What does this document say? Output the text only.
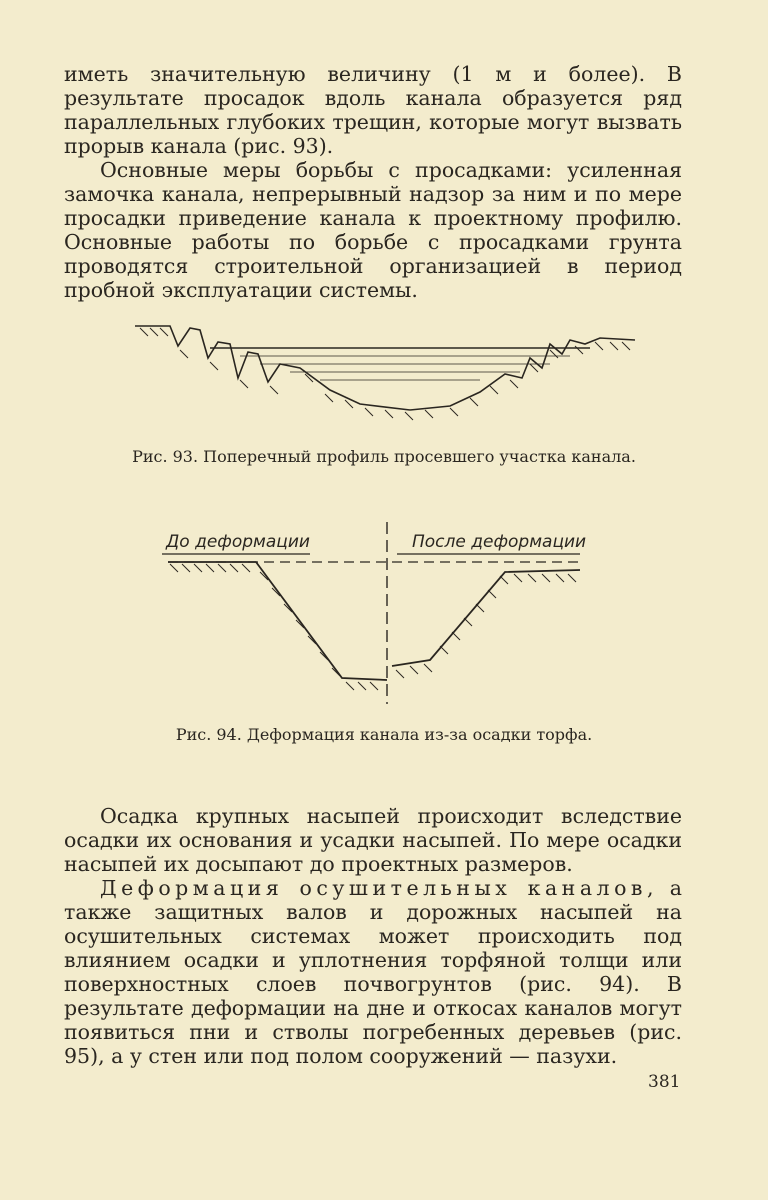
иметь значительную величину (1 м и более). В результате просадок вдоль канала образуется ряд параллельных глубоких трещин, которые могут вызвать прорыв канала (рис. 93).

Основные меры борьбы с просадками: усиленная замочка канала, непрерывный надзор за ним и по мере просадки приведение канала к проектному профилю. Основные работы по борьбе с просадками грунта проводятся строительной организацией в период пробной эксплуатации системы.

Рис. 93. Поперечный профиль просевшего участка канала.

До деформации	После деформации

Рис. 94. Деформация канала из-за осадки торфа.

Осадка крупных насыпей происходит вследствие осадки их основания и усадки насыпей. По мере осадки насыпей их досыпают до проектных размеров.

Деформация осушительных каналов, а также защитных валов и дорожных насыпей на осушительных системах может происходить под влиянием осадки и уплотнения торфяной толщи или поверхностных слоев почвогрунтов (рис. 94). В результате деформации на дне и откосах каналов могут появиться пни и стволы погребенных деревьев (рис. 95), а у стен или под полом сооружений — пазухи.

381
